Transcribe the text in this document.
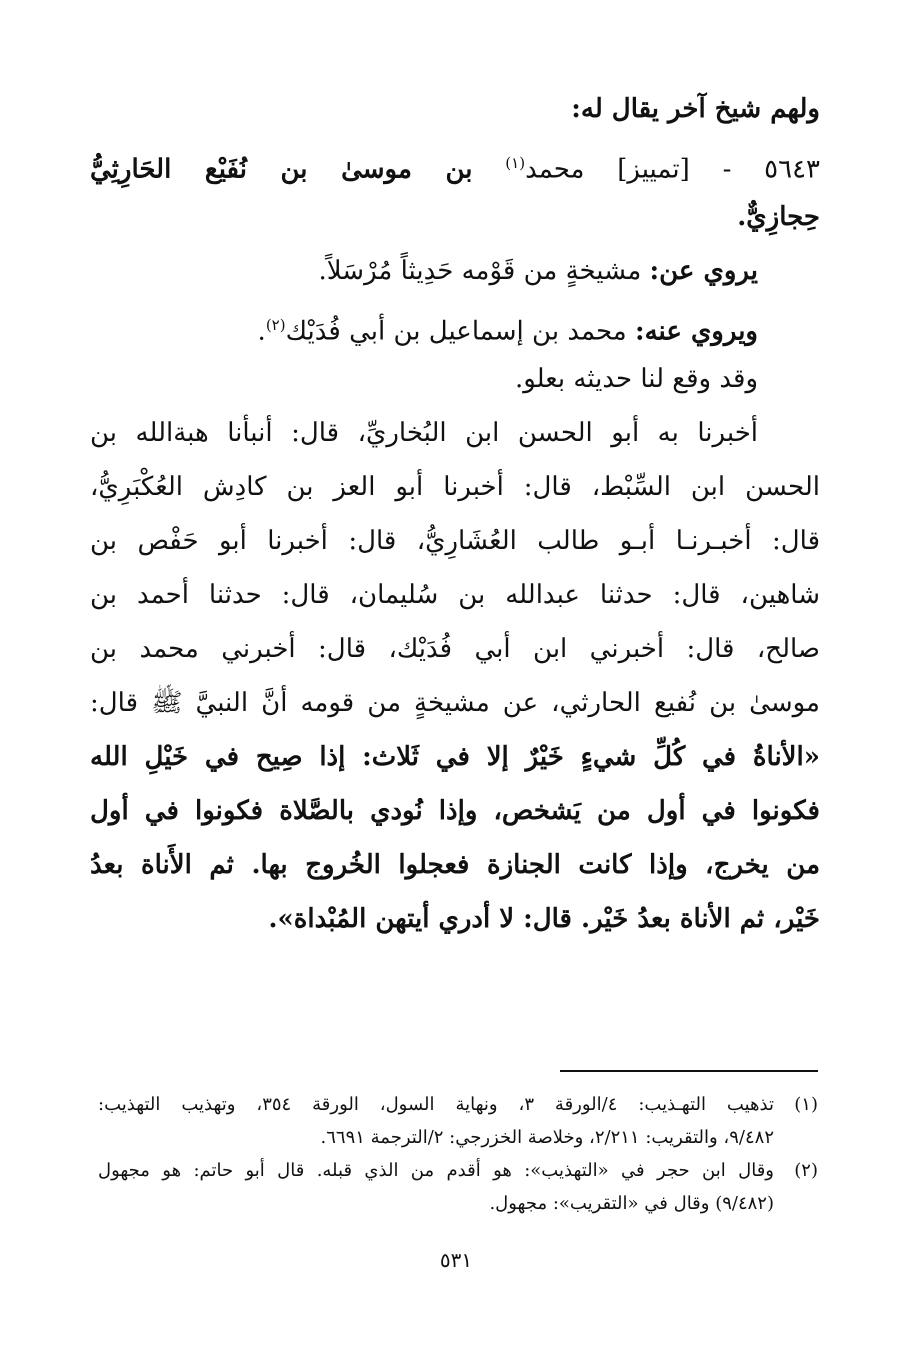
ولهم شيخ آخر يقال له:
٥٦٤٣ - [تمييز] محمد$^{(١)}$ بن موسىٰ بن نُفَيْع الحَارِثِيُّ
حِجازِيٌّ.
يروي عن: مشيخةٍ من قَوْمه حَدِيثاً مُرْسَلاً.
ويروي عنه: محمد بن إسماعيل بن أبي فُدَيْك$^{(٢)}$.
وقد وقع لنا حديثه بعلو.
أخبرنا به أبو الحسن ابن البُخاريِّ، قال: أنبأنا هبةالله بن
الحسن ابن السِّبْط، قال: أخبرنا أبو العز بن كادِش العُكْبَرِيُّ،
قال: أخبـرنـا أبـو طالب العُشَارِيُّ، قال: أخبرنا أبو حَفْص بن
شاهين، قال: حدثنا عبدالله بن سُليمان، قال: حدثنا أحمد بن
صالح، قال: أخبرني ابن أبي فُدَيْك، قال: أخبرني محمد بن
موسىٰ بن نُفيع الحارثي، عن مشيخةٍ من قومه أنَّ النبيَّ ﷺ قال:
«الأناةُ في كُلِّ شيءٍ خَيْرٌ إلا في ثَلاث: إذا صِيح في خَيْلِ الله
فكونوا في أول من يَشخص، وإذا نُودي بالصَّلاة فكونوا في أول
من يخرج، وإذا كانت الجنازة فعجلوا الخُروج بها. ثم الأَناة بعدُ
خَيْر، ثم الأناة بعدُ خَيْر. قال: لا أدري أيتهن المُبْداة».
(١)تذهيب التهـذيب: ٤/الورقة ٣، ونهاية السول، الورقة ٣٥٤، وتهذيب التهذيب:
٩/٤٨٢، والتقريب: ٢/٢١١، وخلاصة الخزرجي: ٢/الترجمة ٦٦٩١.
(٢)وقال ابن حجر في «التهذيب»: هو أقدم من الذي قبله. قال أبو حاتم: هو مجهول
(٩/٤٨٢) وقال في «التقريب»: مجهول.
٥٣١
